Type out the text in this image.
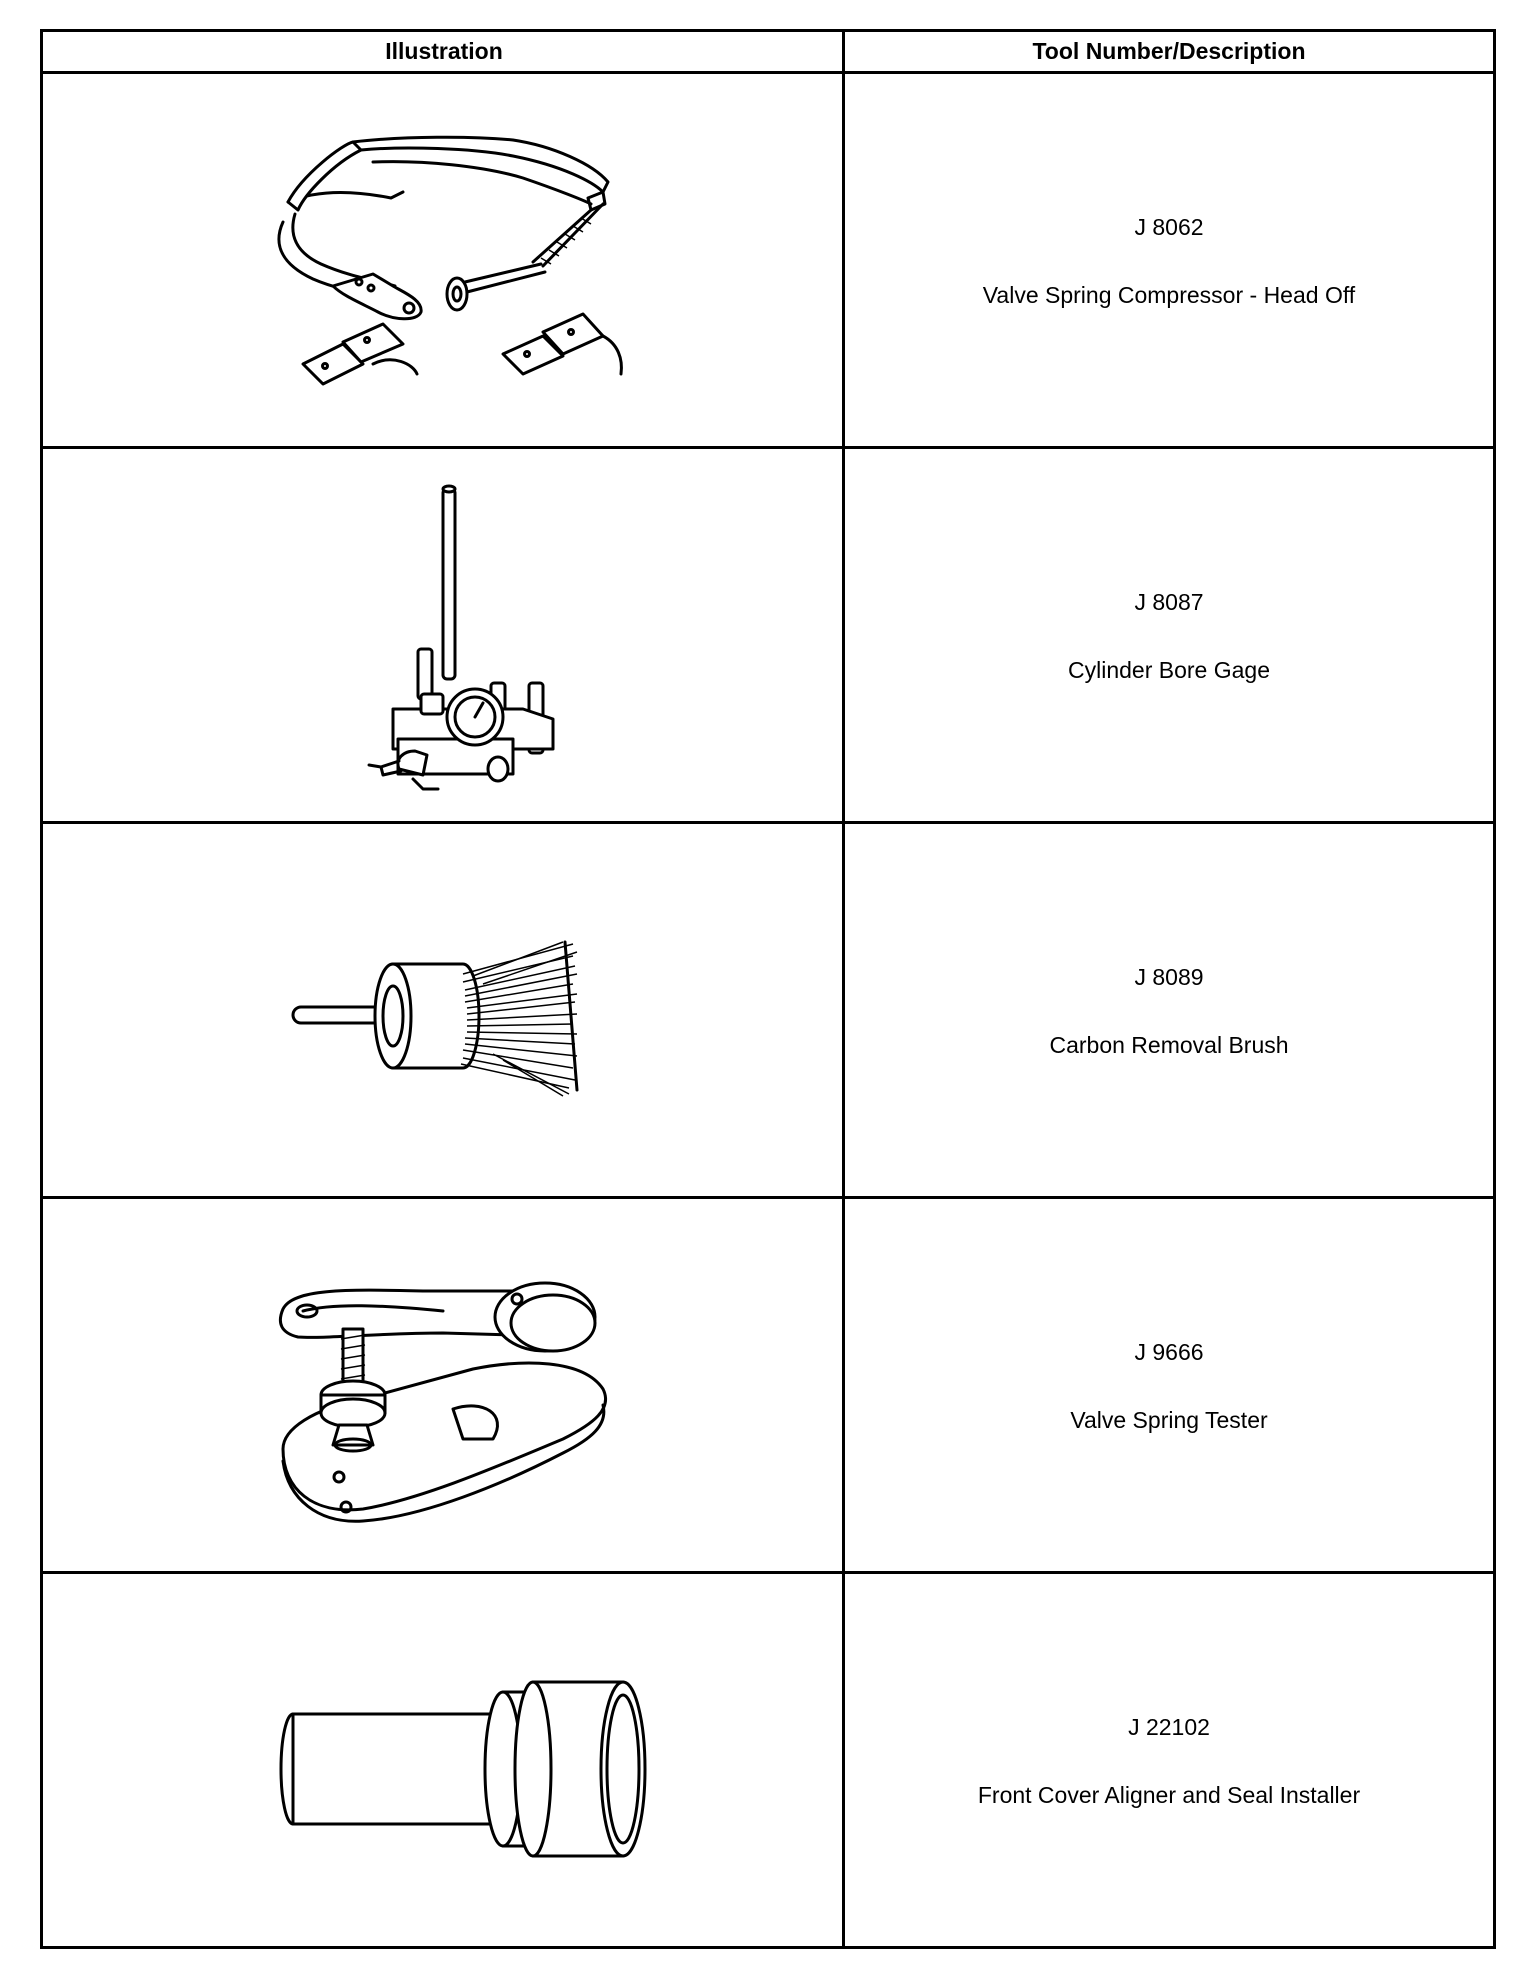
Illustration	Tool Number/Description
J 8062
Valve Spring Compressor - Head Off
J 8087
Cylinder Bore Gage
J 8089
Carbon Removal Brush
J 9666
Valve Spring Tester
J 22102
Front Cover Aligner and Seal Installer
